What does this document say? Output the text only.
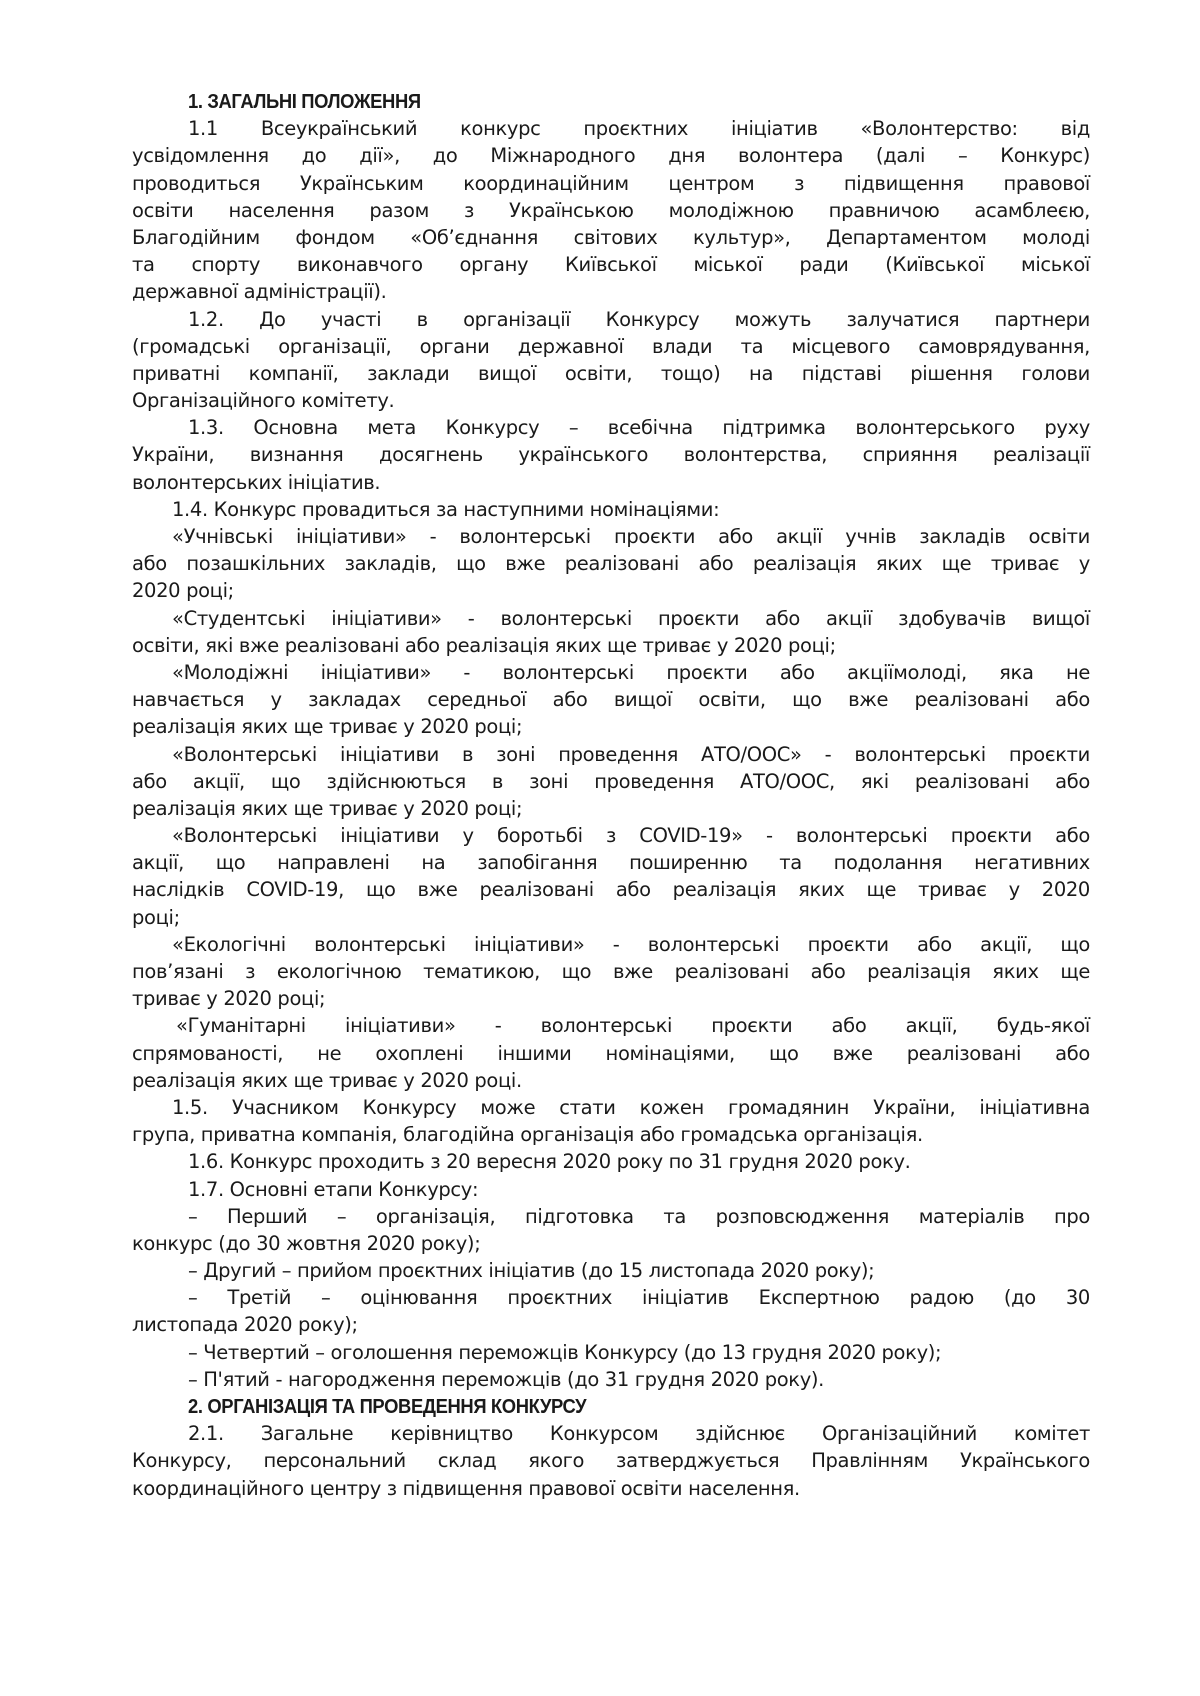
1. ЗАГАЛЬНІ ПОЛОЖЕННЯ
1.1 Всеукраїнський конкурс проєктних ініціатив «Волонтерство: від
усвідомлення до дії», до Міжнародного дня волонтера (далі – Конкурс)
проводиться Українським координаційним центром з підвищення правової
освіти населення разом з Українською молодіжною правничою асамблеєю,
Благодійним фондом «Об’єднання світових культур», Департаментом молоді
та спорту виконавчого органу Київської міської ради (Київської міської
державної адміністрації).
1.2. До участі в організації Конкурсу можуть залучатися партнери
(громадські організації, органи державної влади та місцевого самоврядування,
приватні компанії, заклади вищої освіти, тощо) на підставі рішення голови
Організаційного комітету.
1.3. Основна мета Конкурсу – всебічна підтримка волонтерського руху
України, визнання досягнень українського волонтерства, сприяння реалізації
волонтерських ініціатив.
1.4. Конкурс провадиться за наступними номінаціями:
«Учнівські ініціативи» - волонтерські проєкти або акції учнів закладів освіти
або позашкільних закладів, що вже реалізовані або реалізація яких ще триває у
2020 році;
«Студентські ініціативи» - волонтерські проєкти або акції здобувачів вищої
освіти, які вже реалізовані або реалізація яких ще триває у 2020 році;
«Молодіжні ініціативи» - волонтерські проєкти або акціїмолоді, яка не
навчається у закладах середньої або вищої освіти, що вже реалізовані або
реалізація яких ще триває у 2020 році;
«Волонтерські ініціативи в зоні проведення АТО/ООС» - волонтерські проєкти
або акції, що здійснюються в зоні проведення АТО/ООС, які реалізовані або
реалізація яких ще триває у 2020 році;
«Волонтерські ініціативи у боротьбі з COVID-19» - волонтерські проєкти або
акції, що направлені на запобігання поширенню та подолання негативних
наслідків COVID-19, що вже реалізовані або реалізація яких ще триває у 2020
році;
«Екологічні волонтерські ініціативи» - волонтерські проєкти або акції, що
пов’язані з екологічною тематикою, що вже реалізовані або реалізація яких ще
триває у 2020 році;
«Гуманітарні ініціативи» - волонтерські проєкти або акції, будь-якої
спрямованості, не охоплені іншими номінаціями, що вже реалізовані або
реалізація яких ще триває у 2020 році.
1.5. Учасником Конкурсу може стати кожен громадянин України, ініціативна
група, приватна компанія, благодійна організація або громадська організація.
1.6. Конкурс проходить з 20 вересня 2020 року по 31 грудня 2020 року.
1.7. Основні етапи Конкурсу:
– Перший – організація, підготовка та розповсюдження матеріалів про
конкурс (до 30 жовтня 2020 року);
– Другий – прийом проєктних ініціатив (до 15 листопада 2020 року);
– Третій – оцінювання проєктних ініціатив Експертною радою (до 30
листопада 2020 року);
– Четвертий – оголошення переможців Конкурсу (до 13 грудня 2020 року);
– П'ятий - нагородження переможців (до 31 грудня 2020 року).
2. ОРГАНІЗАЦІЯ ТА ПРОВЕДЕННЯ КОНКУРСУ
2.1. Загальне керівництво Конкурсом здійснює Організаційний комітет
Конкурсу, персональний склад якого затверджується Правлінням Українського
координаційного центру з підвищення правової освіти населення.
